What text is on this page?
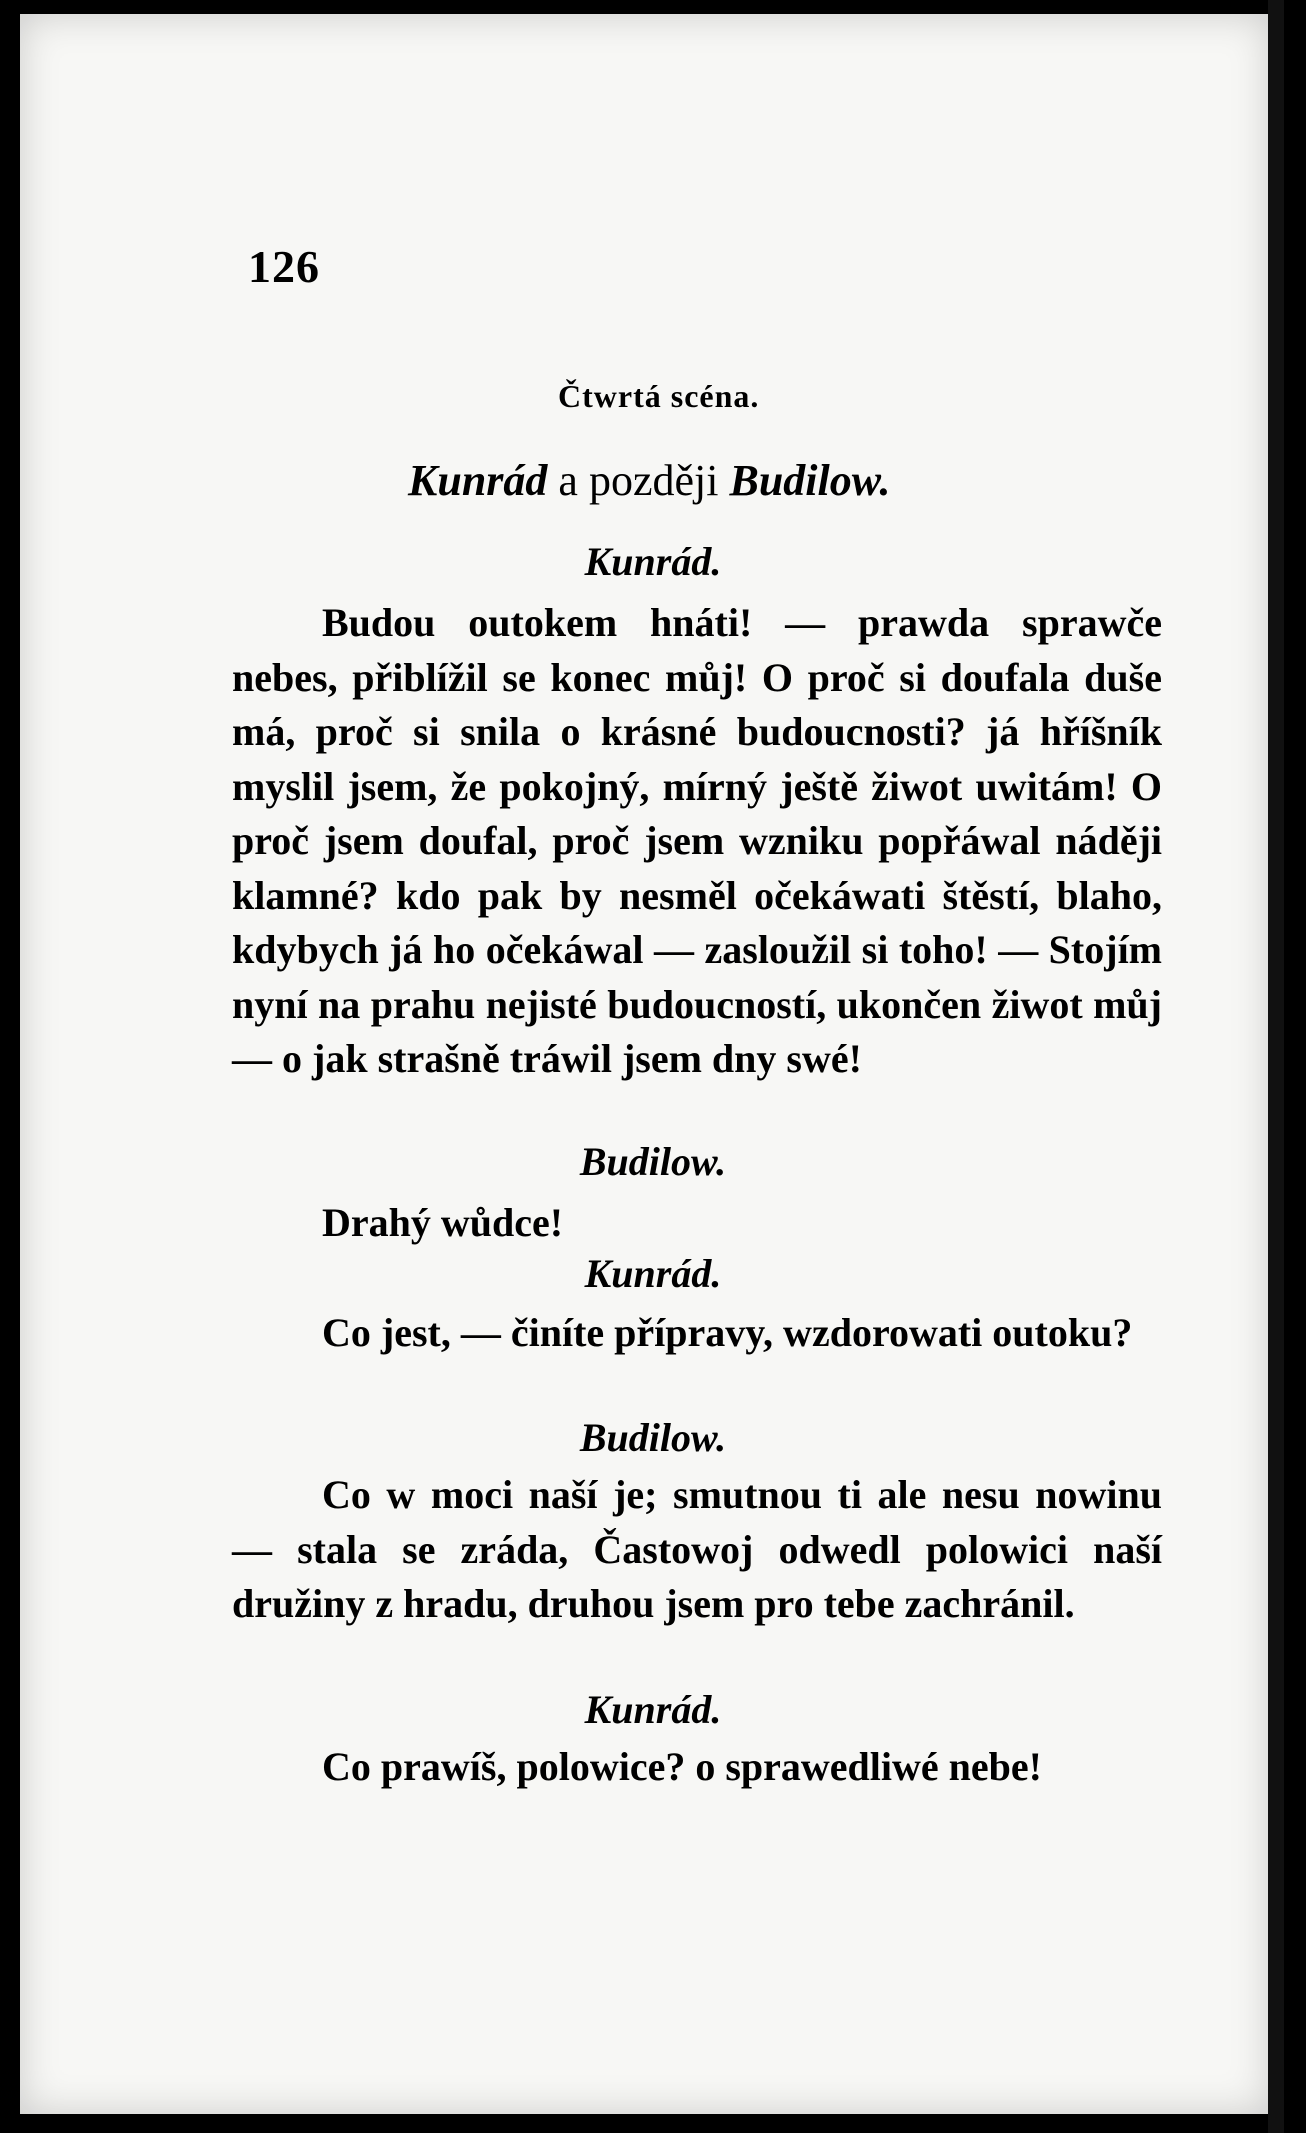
126
Čtwrtá scéna.
Kunrád a později Budilow.
Kunrád.
Budou outokem hnáti! — prawda sprawče nebes, přiblížil se konec můj! O proč si doufala duše má, proč si snila o krásné budoucnosti? já hříšník myslil jsem, že pokojný, mírný ještě žiwot uwitám! O proč jsem doufal, proč jsem wzniku popřáwal náději klamné? kdo pak by nesměl očekáwati štěstí, blaho, kdybych já ho očekáwal — zasloužil si toho! — Stojím nyní na prahu nejisté budoucností, ukončen žiwot můj — o jak strašně tráwil jsem dny swé!
Budilow.
Drahý wůdce!
Kunrád.
Co jest, — činíte přípravy, wzdorowati outoku?
Budilow.
Co w moci naší je; smutnou ti ale nesu nowinu — stala se zráda, Častowoj odwedl polowici naší družiny z hradu, druhou jsem pro tebe zachránil.
Kunrád.
Co prawíš, polowice? o sprawedliwé nebe!
